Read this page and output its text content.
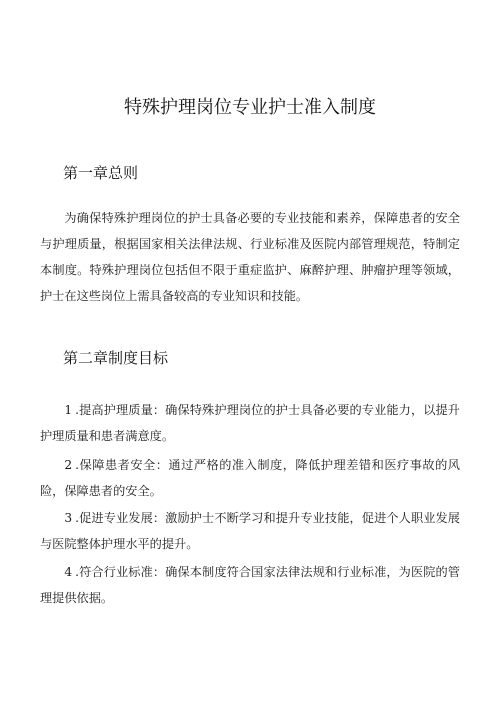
特殊护理岗位专业护士准入制度
第一章总则
为确保特殊护理岗位的护士具备必要的专业技能和素养，保障患者的安全与护理质量，根据国家相关法律法规、行业标准及医院内部管理规范，特制定本制度。特殊护理岗位包括但不限于重症监护、麻醉护理、肿瘤护理等领域，护士在这些岗位上需具备较高的专业知识和技能。
第二章制度目标
1 .提高护理质量：确保特殊护理岗位的护士具备必要的专业能力，以提升护理质量和患者满意度。
2 .保障患者安全：通过严格的准入制度，降低护理差错和医疗事故的风险，保障患者的安全。
3 .促进专业发展：激励护士不断学习和提升专业技能，促进个人职业发展与医院整体护理水平的提升。
4 .符合行业标准：确保本制度符合国家法律法规和行业标准，为医院的管理提供依据。
